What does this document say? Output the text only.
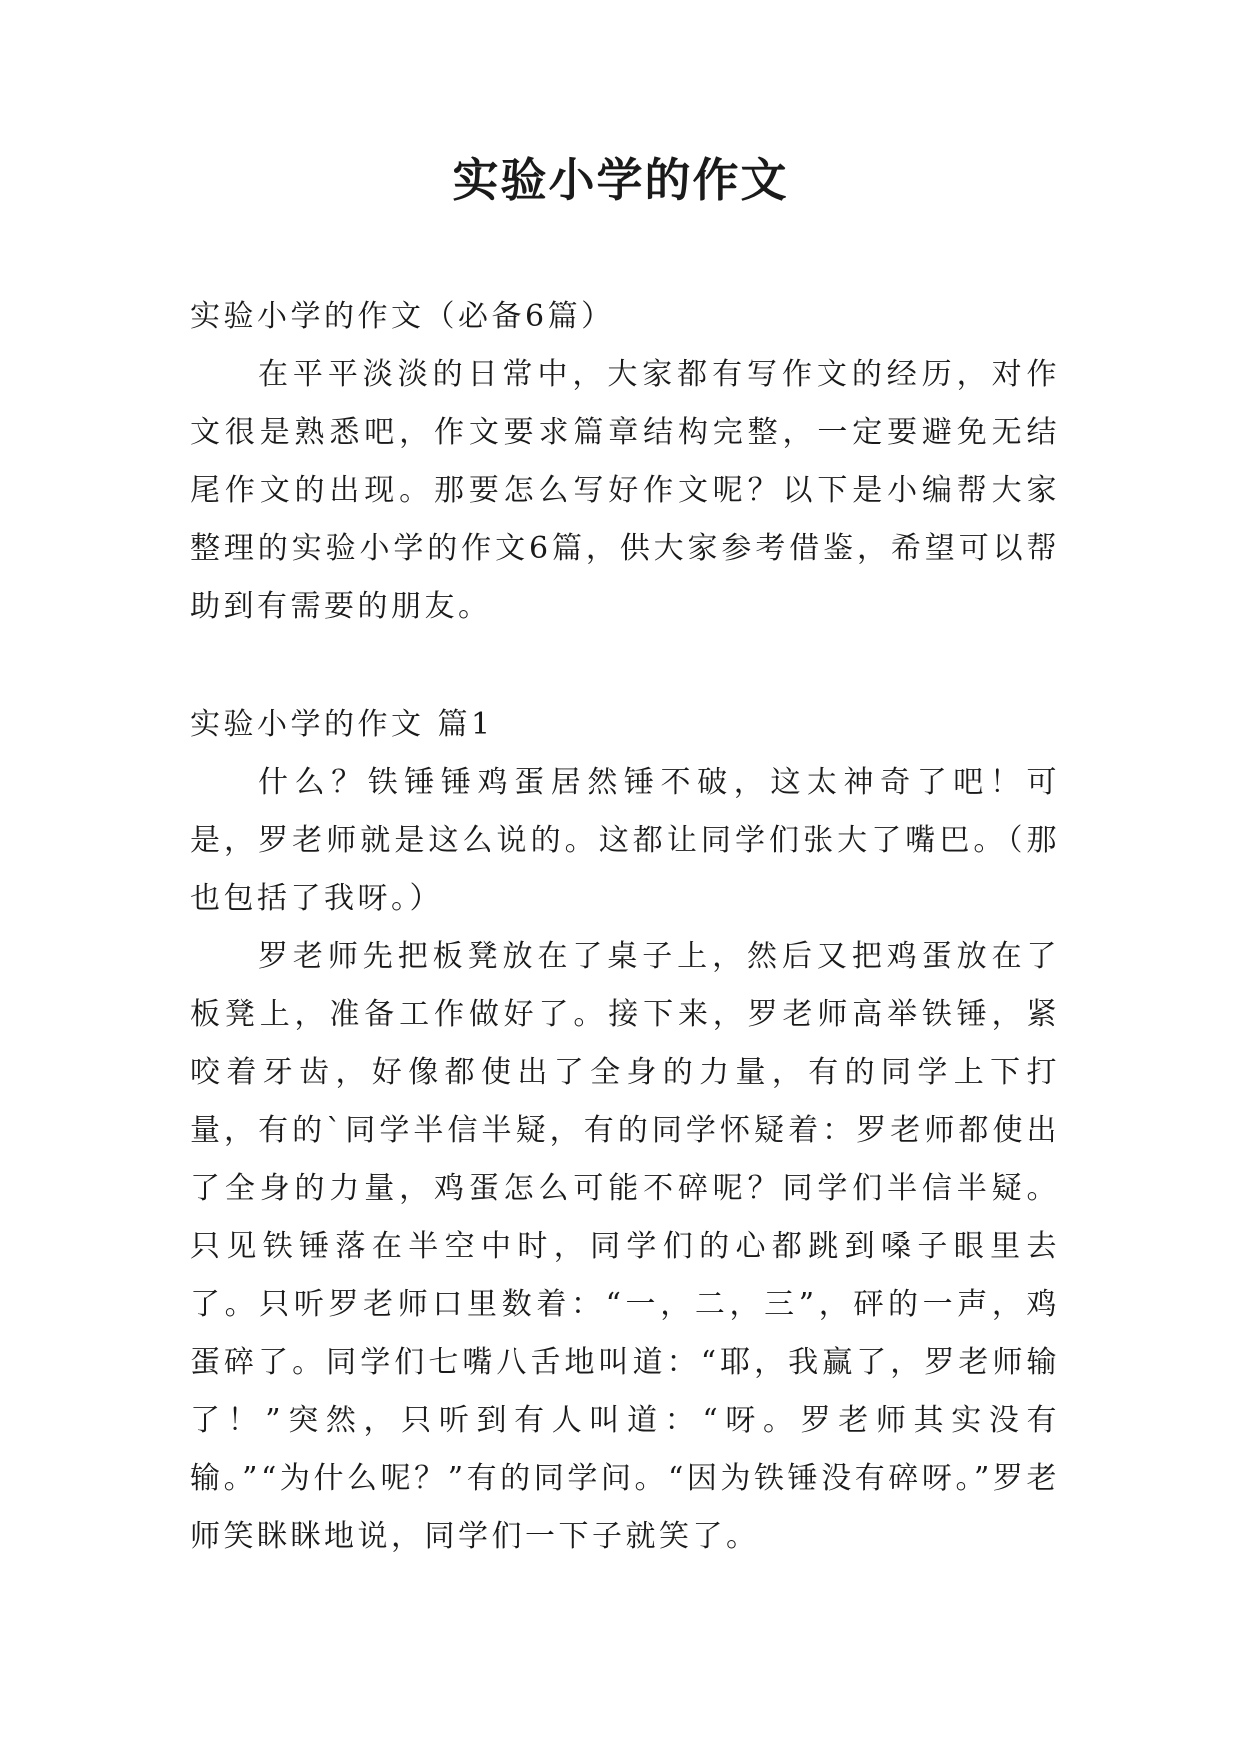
实验小学的作文

实验小学的作文（必备6篇）

在平平淡淡的日常中，大家都有写作文的经历，对作文很是熟悉吧，作文要求篇章结构完整，一定要避免无结尾作文的出现。那要怎么写好作文呢？以下是小编帮大家整理的实验小学的作文6篇，供大家参考借鉴，希望可以帮助到有需要的朋友。

实验小学的作文 篇1

什么？铁锤锤鸡蛋居然锤不破，这太神奇了吧！可是，罗老师就是这么说的。这都让同学们张大了嘴巴。（那也包括了我呀。）

罗老师先把板凳放在了桌子上，然后又把鸡蛋放在了板凳上，准备工作做好了。接下来，罗老师高举铁锤，紧咬着牙齿，好像都使出了全身的力量，有的同学上下打量，有的`同学半信半疑，有的同学怀疑着：罗老师都使出了全身的力量，鸡蛋怎么可能不碎呢？同学们半信半疑。只见铁锤落在半空中时，同学们的心都跳到嗓子眼里去了。只听罗老师口里数着：“一，二，三”，砰的一声，鸡蛋碎了。同学们七嘴八舌地叫道：“耶，我赢了，罗老师输了！”突然，只听到有人叫道：“呀。罗老师其实没有输。”“为什么呢？”有的同学问。“因为铁锤没有碎呀。”罗老师笑眯眯地说，同学们一下子就笑了。
